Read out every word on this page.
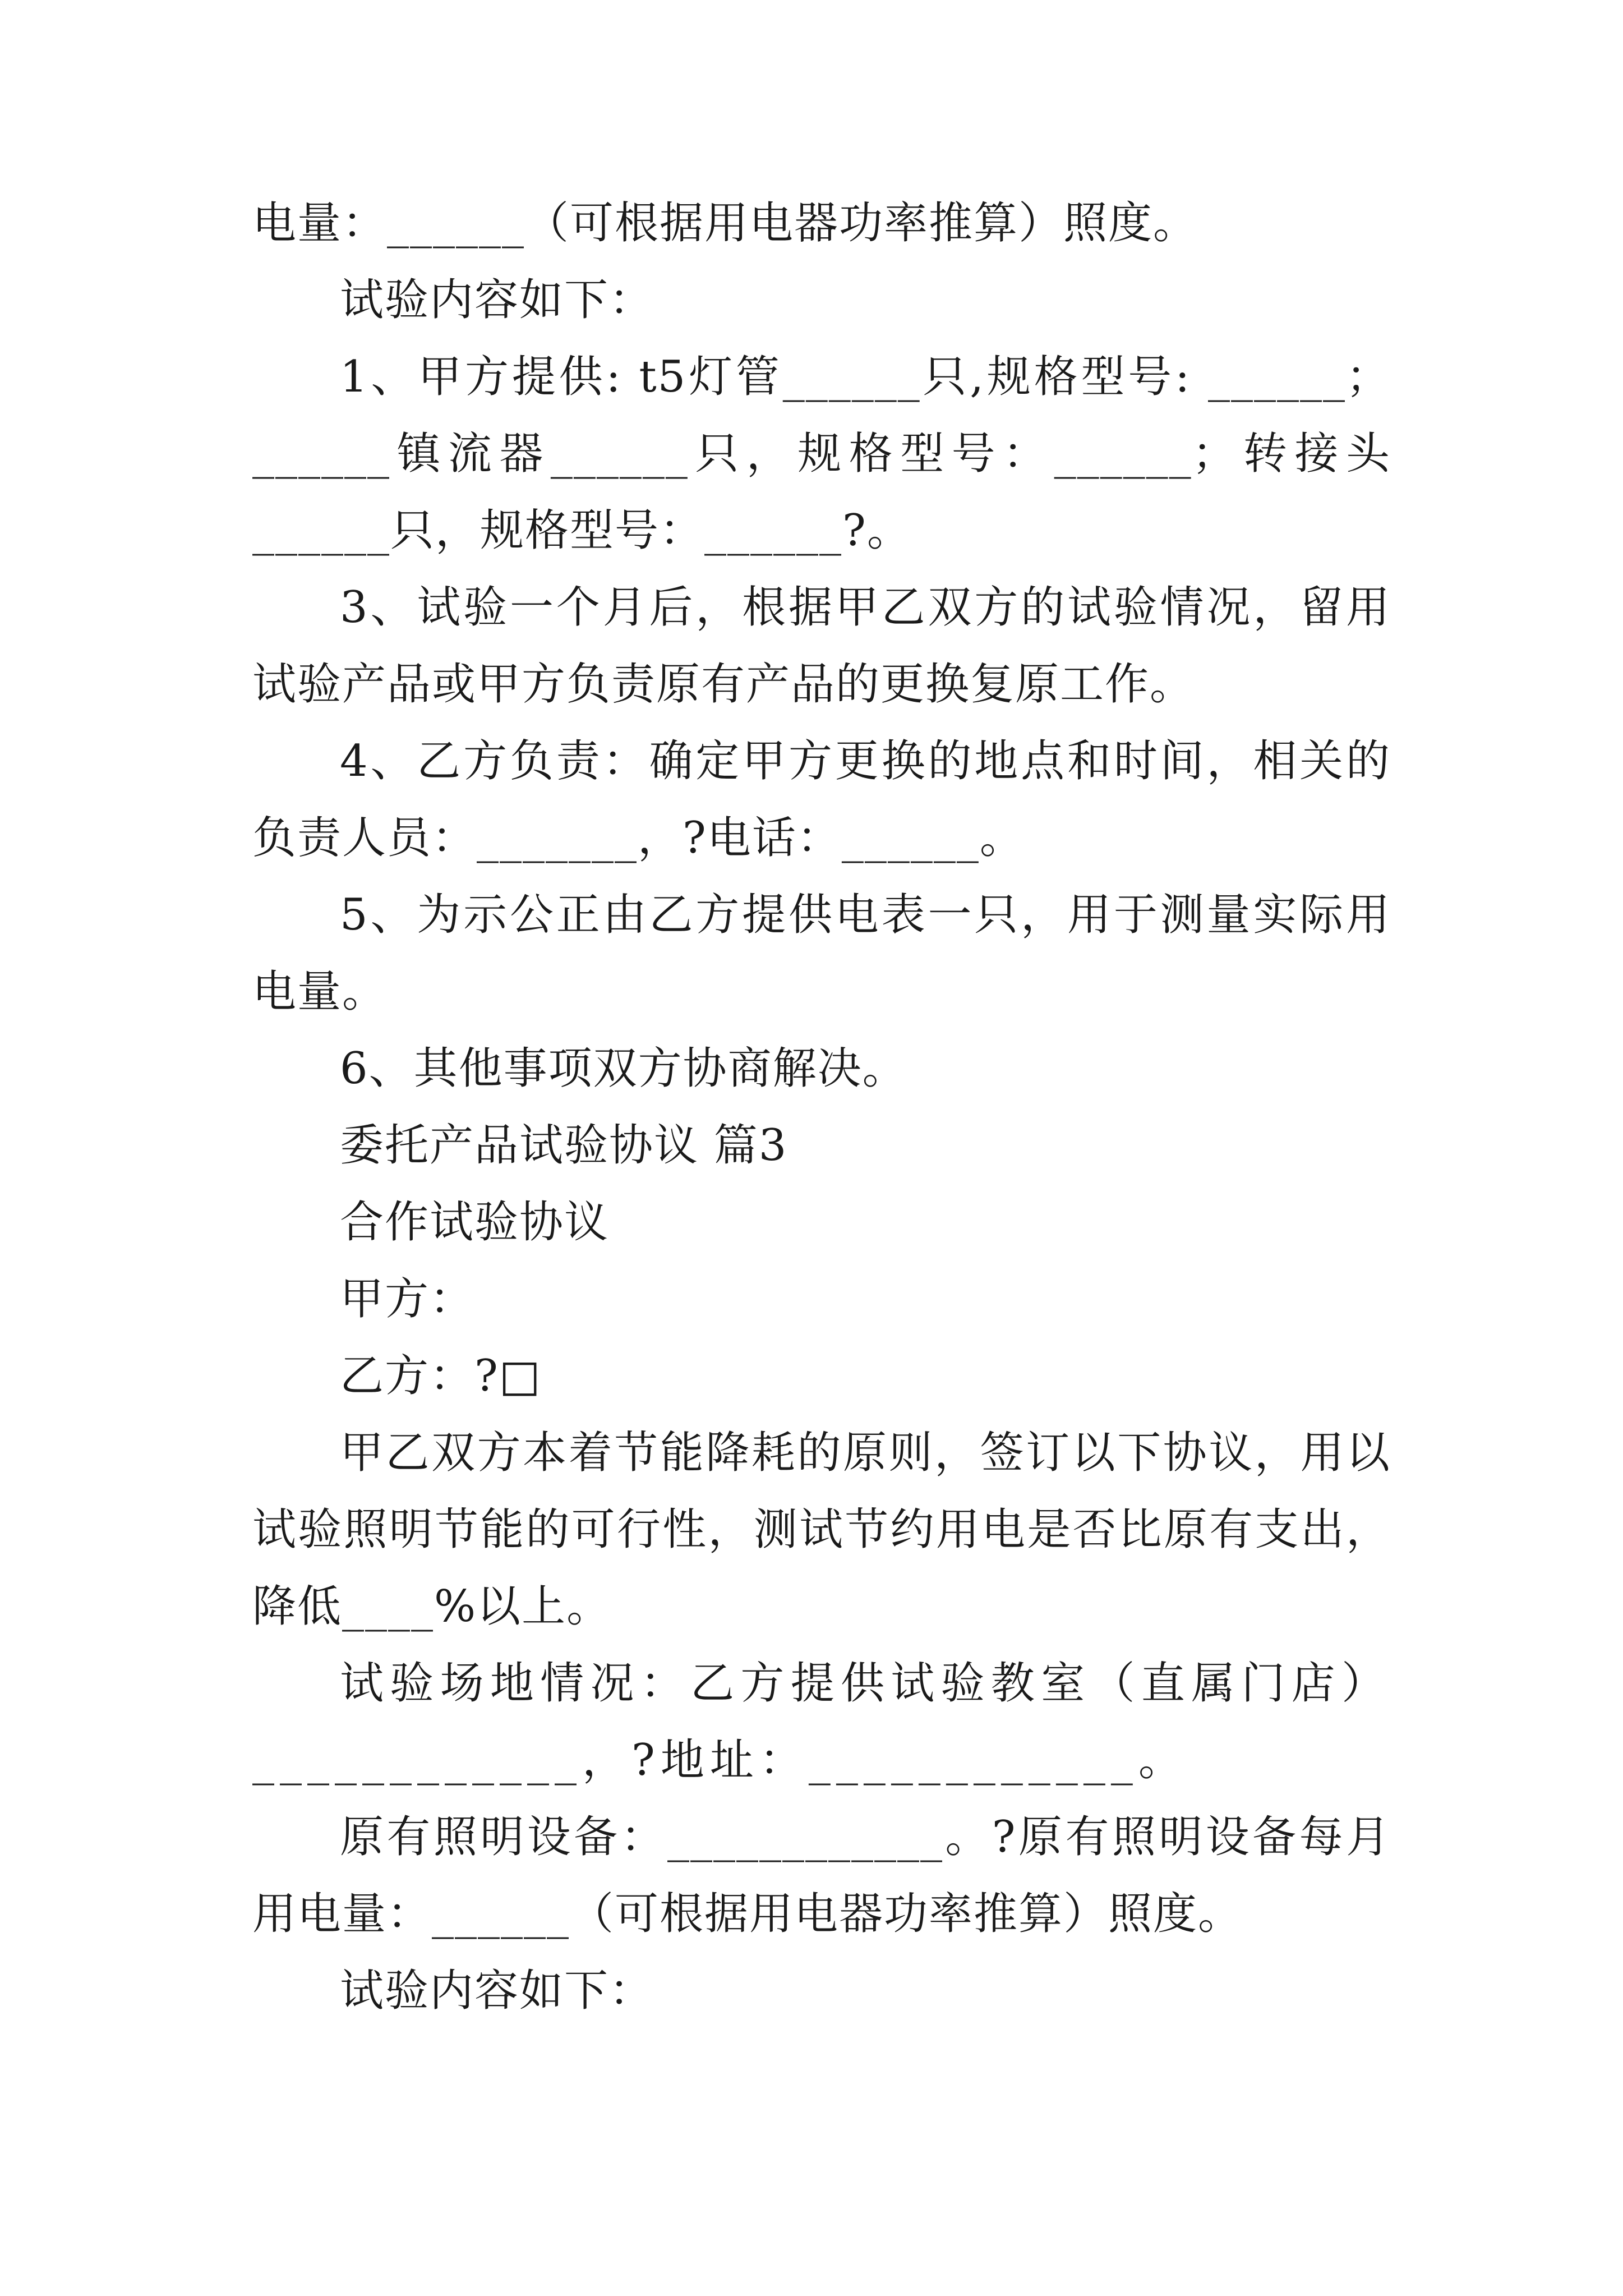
电量：______（可根据用电器功率推算）照度。

试验内容如下：

1、甲方提供: t5灯管______只,规格型号: ______；______镇流器______只，规格型号：______；转接头______只，规格型号：______?。

3、试验一个月后，根据甲乙双方的试验情况，留用试验产品或甲方负责原有产品的更换复原工作。

4、乙方负责：确定甲方更换的地点和时间，相关的负责人员：_______，?电话：______。

5、为示公正由乙方提供电表一只，用于测量实际用电量。

6、其他事项双方协商解决。

委托产品试验协议 篇3

合作试验协议

甲方：

乙方：?□

甲乙双方本着节能降耗的原则，签订以下协议，用以试验照明节能的可行性，测试节约用电是否比原有支出，降低____%以上。

试验场地情况：乙方提供试验教室（直属门店）____________，?地址：____________。

原有照明设备：____________。?原有照明设备每月用电量：______（可根据用电器功率推算）照度。

试验内容如下：
